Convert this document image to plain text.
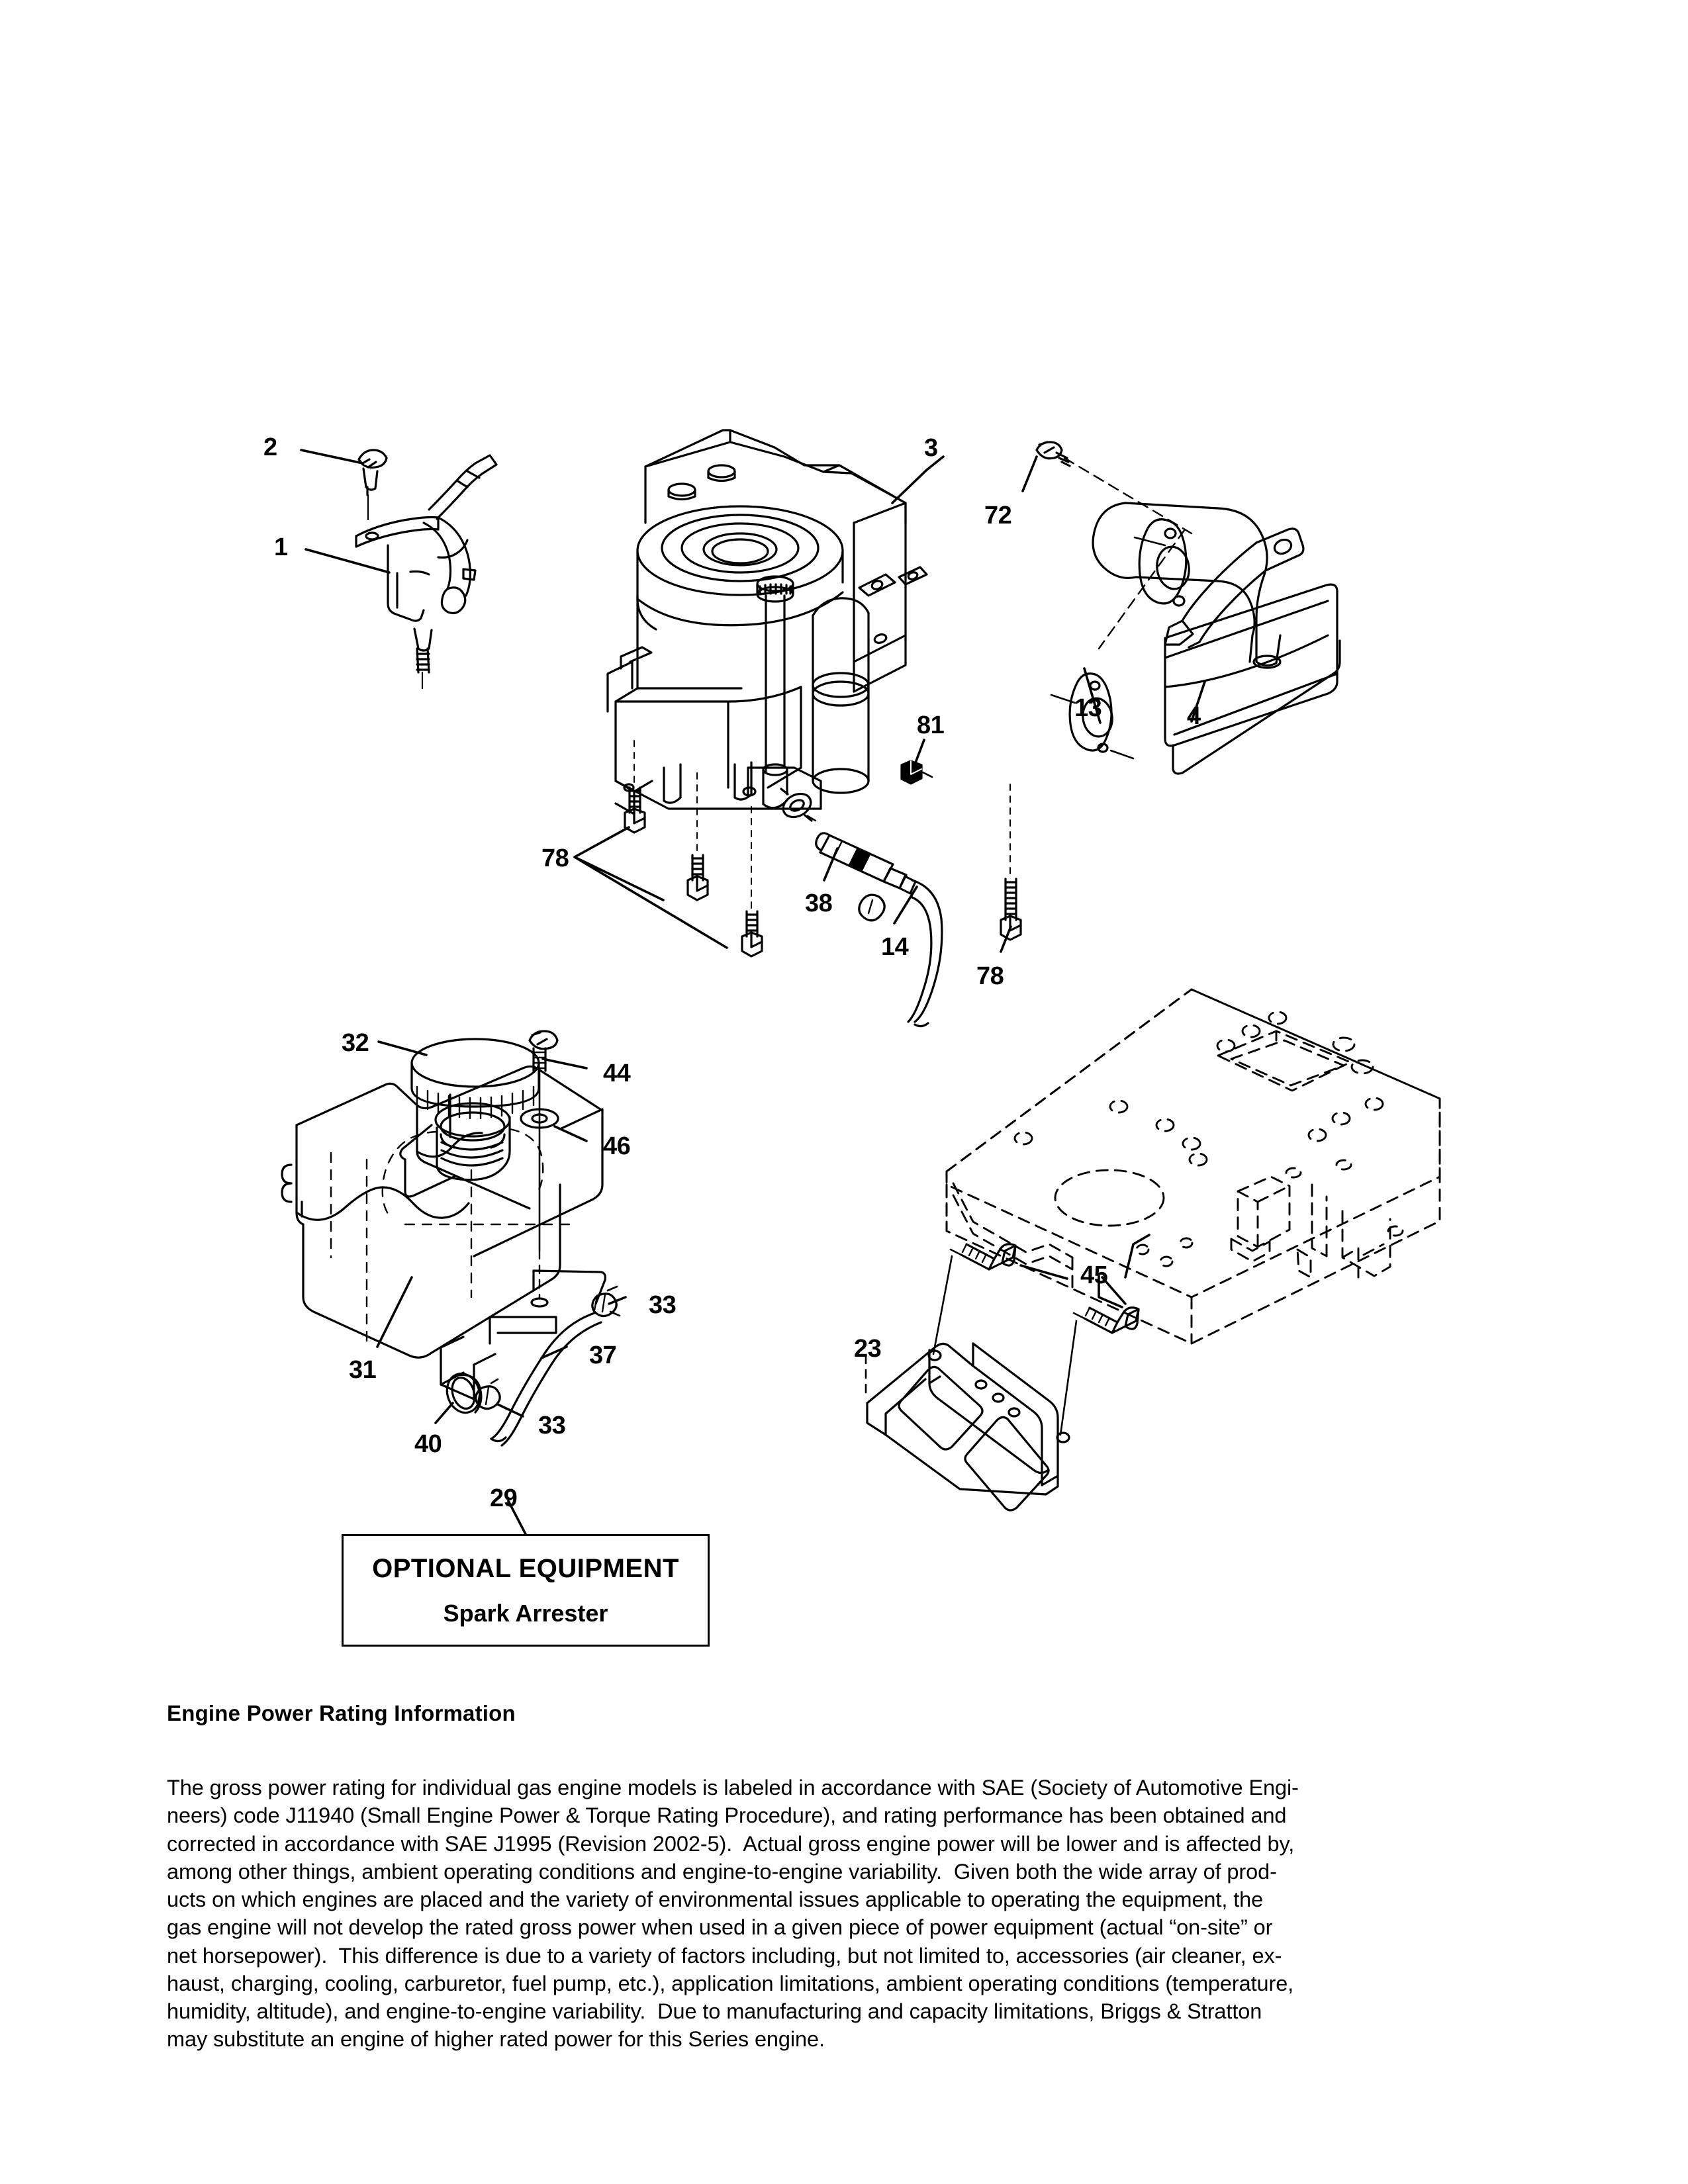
2
1
3
72
13	4
81
78
38
14
78
32
44
46
33
37
31
40
33
29
45
23
OPTIONAL EQUIPMENT
Spark Arrester
Engine Power Rating Information

The gross power rating for individual gas engine models is labeled in accordance with SAE (Society of Automotive Engi-
neers) code J11940 (Small Engine Power & Torque Rating Procedure), and rating performance has been obtained and
corrected in accordance with SAE J1995 (Revision 2002-5).  Actual gross engine power will be lower and is affected by,
among other things, ambient operating conditions and engine-to-engine variability.  Given both the wide array of prod-
ucts on which engines are placed and the variety of environmental issues applicable to operating the equipment, the
gas engine will not develop the rated gross power when used in a given piece of power equipment (actual “on-site” or
net horsepower).  This difference is due to a variety of factors including, but not limited to, accessories (air cleaner, ex-
haust, charging, cooling, carburetor, fuel pump, etc.), application limitations, ambient operating conditions (temperature,
humidity, altitude), and engine-to-engine variability.  Due to manufacturing and capacity limitations, Briggs & Stratton
may substitute an engine of higher rated power for this Series engine.
